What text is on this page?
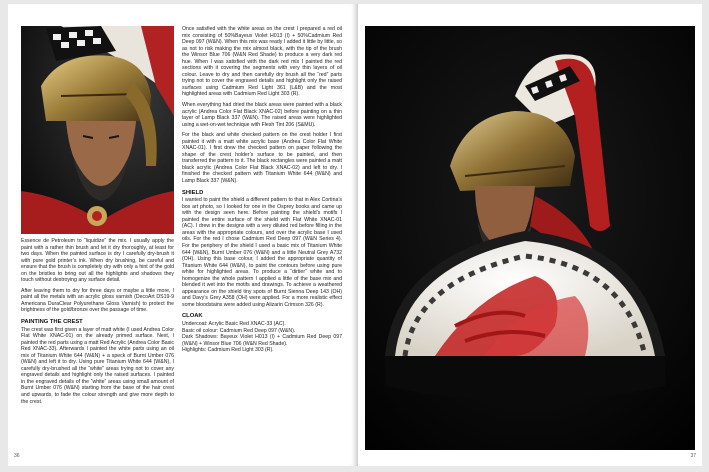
Essence de Petroleum to “liquidize” the mix. I usually apply the paint with a rather thin brush and let it dry thoroughly, at least for two days. When the painted surface is dry I carefully dry-brush it with pure gold printer’s ink. When dry brushing, be careful and ensure that the brush is completely dry with only a hint of the gold on the bristles to bring out all the highlights and shadows they touch without destroying any surface detail.

After leaving them to dry for three days or maybe a little more, I paint all the metals with an acrylic gloss varnish (DecoArt DS19-9 Americana DuraClear Polyurethane Gloss Varnish) to protect the brightness of the gold/bronze over the passage of time.

PAINTING THE CREST

The crest was first given a layer of matt white (I used Andrea Color Flat White XNAC-01) on the already primed surface. Next, I painted the red parts using a matt Red Acrylic (Andrea Color Basic Red XNAC-33). Afterwards I painted the white parts using an oil mix of Titanium White 644 (W&N) + a speck of Burnt Umber 076 (W&N) and left it to dry. Using pure Titanium White 644 (W&N), I carefully dry-brushed all the “white” areas trying not to cover any engraved details and highlight only the raised surfaces. I painted in the engraved details of the “white” areas using small amount of Burnt Umber 076 (W&N) starting from the base of the hair crest and upwards, to fade the colour strength and give more depth to the crest.

Once satisfied with the white areas on the crest I prepared a red oil mix consisting of 50%Bayeux Violet H013 (I) + 50%Cadmium Red Deep 097 (W&N). When this mix was ready I added it little by little, so as not to risk making the mix almost black, with the tip of the brush the Winsor Blue 706 (W&N Red Shade) to produce a very dark red hue. When I was satisfied with the dark red mix I painted the red sections with it covering the segments with very thin layers of oil colour. Leave to dry and then carefully dry brush all the “red” parts trying not to cover the engraved details and highlight only the raised surfaces using Cadmium Red Light 361 (L&B) and the most highlighted areas with Cadmium Red Light 303 (R).

When everything had dried the black areas were painted with a black acrylic (Andrea Color Flat Black XNAC-02) before painting on a thin layer of Lamp Black 337 (W&N). The raised areas were highlighted using a wet-on-wet technique with Flesh Tint 206 (S&MU).

For the black and white checked pattern on the crest holder I first painted it with a matt white acrylic base (Andrea Color Flat White XNAC-01). I first drew the checked pattern on paper following the shape of the crest holder’s surface to be painted, and then transferred the pattern to it. The black rectangles were painted a matt black acrylic (Andrea Color Flat Black XNAC-02) and left to dry. I finished the checked pattern with Titanium White 644 (W&N) and Lamp Black 337 (W&N).

SHIELD

I wanted to paint the shield a different pattern to that in Alex Cortina’s box art photo, so I looked for one in the Osprey books and came up with the design seen here. Before painting the shield’s motifs I painted the entire surface of the shield with Flat White XNAC-01 (AC). I drew in the designs with a very diluted red before filling in the areas with the appropriate colours, and over the acrylic base I used oils. For the red I chose Cadmium Red Deep 097 (W&N Series 4). For the periphery of the shield I used a basic mix of Titanium White 644 (W&N), Burnt Umber 076 (W&N) and a little Neutral Grey A732 (OH). Using this base colour, I added the appropriate quantity of Titanium White 644 (W&N), to paint the contours before using pure white for highlighted areas. To produce a “dirtier” white and to homogenize the whole pattern I applied a little of the base mix and blended it wet into the motifs and drawings. To achieve a weathered appearance on the shield tiny spots of Burnt Sienna Deep 143 (OH) and Davy’s Grey A358 (OH) were applied. For a more realistic effect some bloodstains were added using Alizarin Crimson 326 (R).

CLOAK

Undercoat: Acrylic Basic Red XNAC-33 (AC).

Basic oil colour: Cadmium Red Deep 097 (W&N).

Dark Shadows: Bayeux Violet H013 (I) + Cadmium Red Deep 097 (W&N) + Winsor Blue 706 (W&N Red Shade).

Highlights: Cadmium Red Light 303 (R).

36	37
